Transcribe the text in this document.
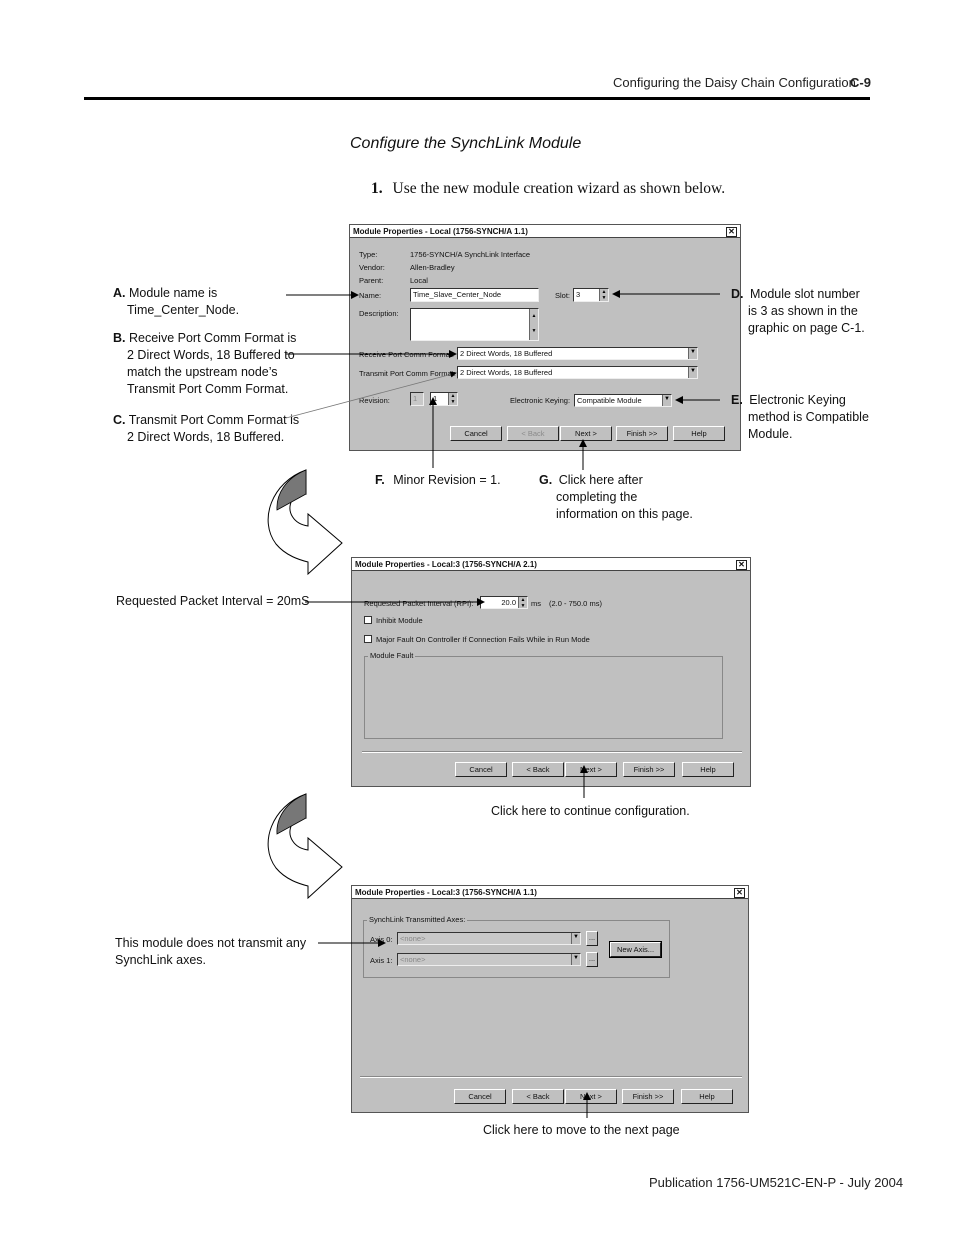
Configuring the Daisy Chain Configuration
C-9
Configure the SynchLink Module
1. Use the new module creation wizard as shown below.
Module Properties - Local (1756-SYNCH/A 1.1)	✕
Type:	1756-SYNCH/A SynchLink Interface
Vendor:	Allen-Bradley
Parent:	Local
Name:	Time_Slave_Center_Node	Slot: 3	▲
▼
Description:	▲
▼
Receive Port Comm Format: 2 Direct Words, 18 Buffered	▼
Transmit Port Comm Format: 2 Direct Words, 18 Buffered	▼
Revision:	1	1	▲
▼	Electronic Keying: Compatible Module	▼
Cancel	< Back	Next >	Finish >>	Help
Module Properties - Local:3 (1756-SYNCH/A 2.1)	✕
Requested Packet Interval (RPI):	20.0 ▲
▼ ms (2.0 - 750.0 ms)
Inhibit Module
Major Fault On Controller If Connection Fails While in Run Mode
Module Fault
Cancel	< Back	Next >	Finish >>	Help
Module Properties - Local:3 (1756-SYNCH/A 1.1)	✕
SynchLink Transmitted Axes:
Axis 0: <none>	▼	...
Axis 1: <none>	▼	...
New Axis...
Cancel	< Back	Next >	Finish >>	Help
A. Module name is
Time_Center_Node.
B. Receive Port Comm Format is
2 Direct Words, 18 Buffered to
match the upstream node’s
Transmit Port Comm Format.
C. Transmit Port Comm Format is
2 Direct Words, 18 Buffered.
D. Module slot number
is 3 as shown in the
graphic on page C-1.
E. Electronic Keying
method is Compatible
Module.
F. Minor Revision = 1.	G. Click here after
completing the
information on this page.
Requested Packet Interval = 20mS
Click here to continue configuration.
This module does not transmit any
SynchLink axes.
Click here to move to the next page
Publication 1756-UM521C-EN-P - July 2004
